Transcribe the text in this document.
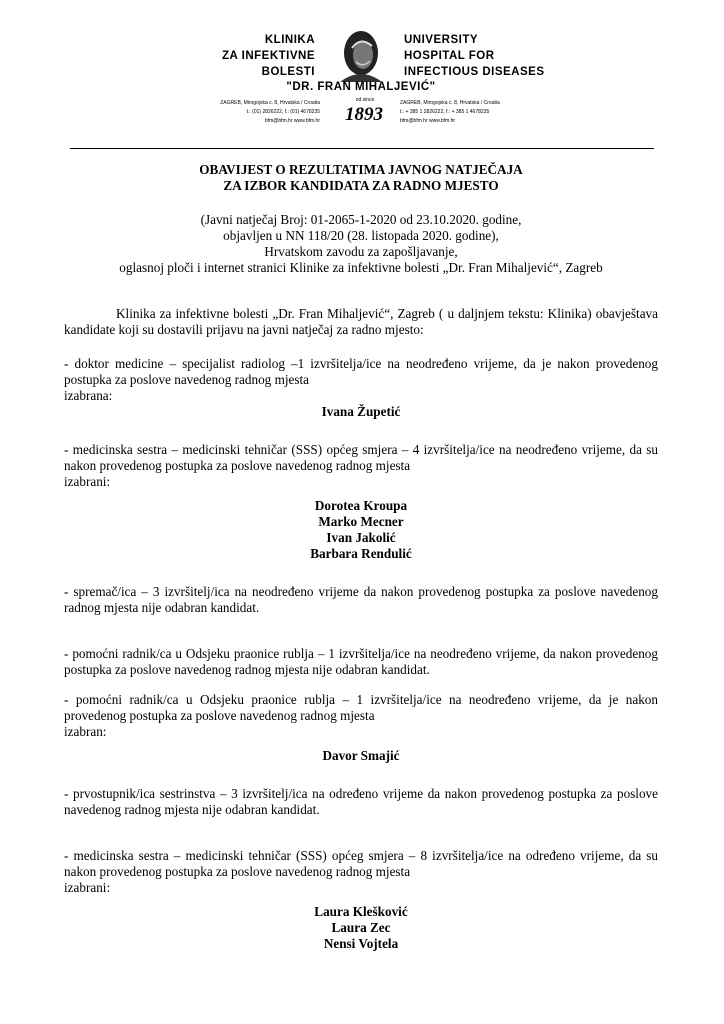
KLINIKA
ZA INFEKTIVNE
BOLESTI
UNIVERSITY
HOSPITAL FOR
INFECTIOUS DISEASES
"DR. FRAN MIHALJEVIĆ"
ZAGREB, Mirogojska c. 8, Hrvatska / Croatia
t.: (01) 2826222, f.: (01) 4678235
bfm@bfm.hr www.bfm.hr
od since
1893
ZAGREB, Mirogojska c. 8, Hrvatska / Croatia
t.: + 385 1 2826222, f.: + 385 1 4678235
bfm@bfm.hr www.bfm.hr

OBAVIJEST O REZULTATIMA JAVNOG NATJEČAJA

ZA IZBOR KANDIDATA ZA RADNO MJESTO

(Javni natječaj Broj: 01-2065-1-2020 od 23.10.2020. godine,

objavljen u NN 118/20 (28. listopada 2020. godine),

Hrvatskom zavodu za zapošljavanje,

oglasnoj ploči i internet stranici Klinike za infektivne bolesti „Dr. Fran Mihaljević“, Zagreb

Klinika za infektivne bolesti „Dr. Fran Mihaljević“, Zagreb ( u daljnjem tekstu: Klinika) obavještava kandidate koji su dostavili prijavu na javni natječaj za radno mjesto:

- doktor medicine – specijalist radiolog –1 izvršitelja/ice na neodređeno vrijeme, da je nakon provedenog postupka za poslove navedenog radnog mjesta

izabrana:

Ivana Župetić

- medicinska sestra – medicinski tehničar (SSS) općeg smjera – 4 izvršitelja/ice na neodređeno vrijeme, da su nakon provedenog postupka za poslove navedenog radnog mjesta

izabrani:

Dorotea Kroupa

Marko Mecner

Ivan Jakolić

Barbara Rendulić

- spremač/ica – 3 izvršitelj/ica na neodređeno vrijeme da nakon provedenog postupka za poslove navedenog radnog mjesta nije odabran kandidat.

- pomoćni radnik/ca u Odsjeku praonice rublja – 1 izvršitelja/ice na neodređeno vrijeme, da nakon provedenog postupka za poslove navedenog radnog mjesta nije odabran kandidat.

- pomoćni radnik/ca u Odsjeku praonice rublja – 1 izvršitelja/ice na neodređeno vrijeme, da je nakon provedenog postupka za poslove navedenog radnog mjesta

izabran:

Davor Smajić

- prvostupnik/ica sestrinstva – 3 izvršitelj/ica na određeno vrijeme da nakon provedenog postupka za poslove navedenog radnog mjesta nije odabran kandidat.

- medicinska sestra – medicinski tehničar (SSS) općeg smjera – 8 izvršitelja/ice na određeno vrijeme, da su nakon provedenog postupka za poslove navedenog radnog mjesta

izabrani:

Laura Klešković

Laura Zec

Nensi Vojtela
